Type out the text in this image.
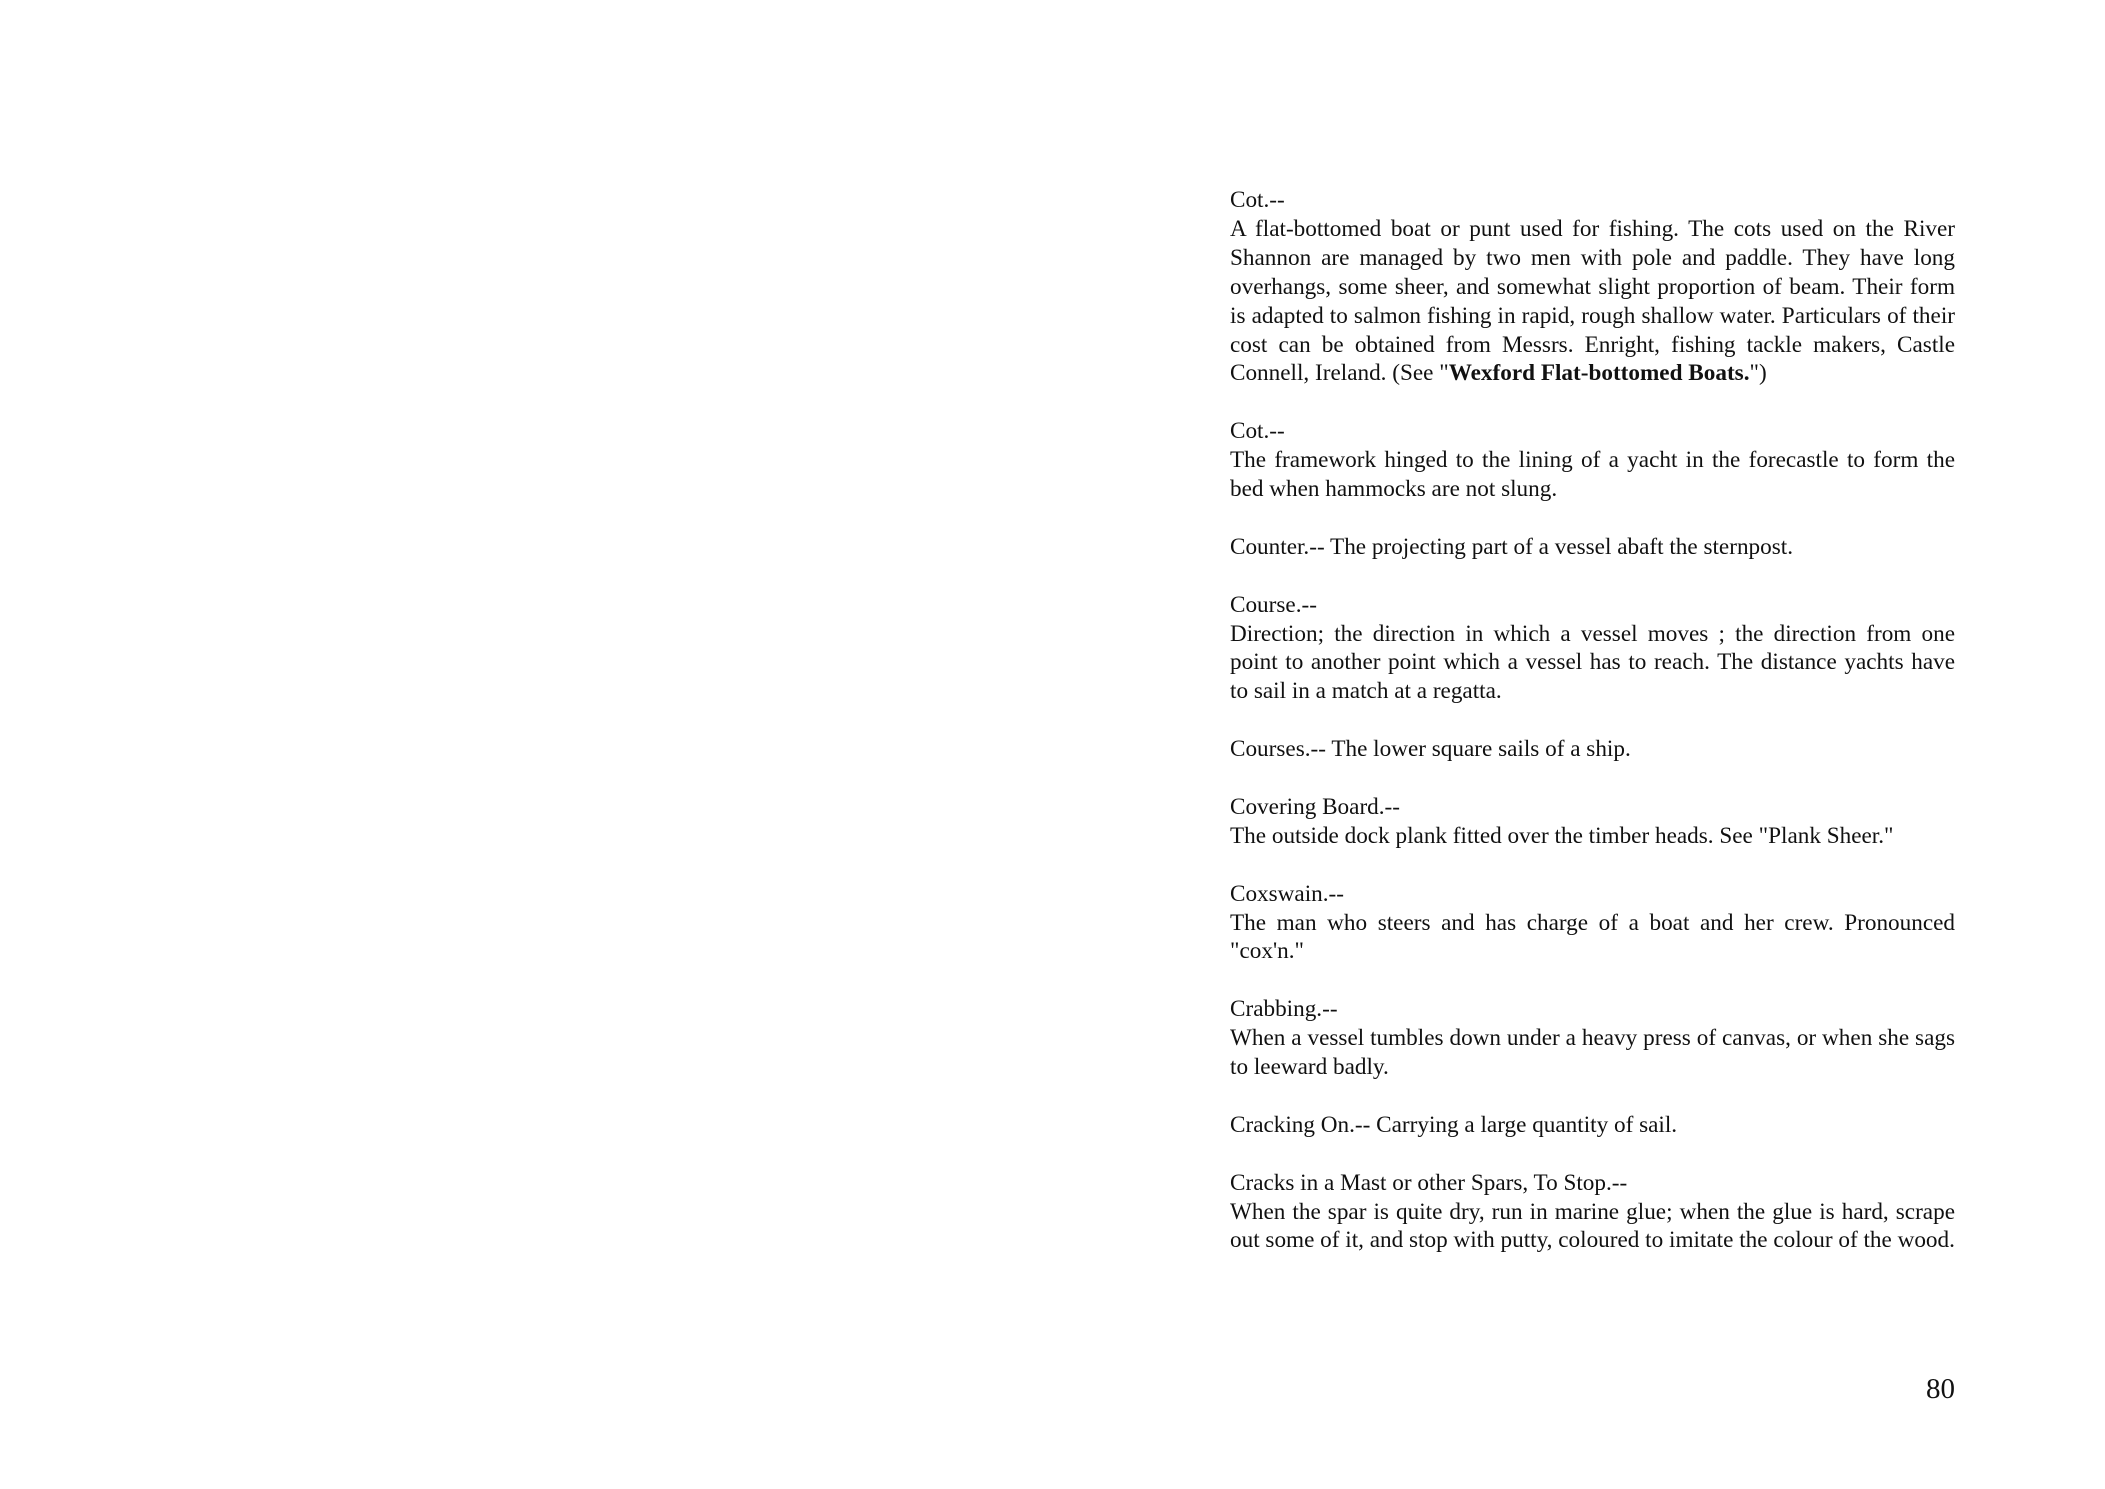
Cot.--
A flat-bottomed boat or punt used for fishing. The cots used on the River Shannon are managed by two men with pole and paddle. They have long overhangs, some sheer, and somewhat slight proportion of beam. Their form is adapted to salmon fishing in rapid, rough shallow water. Particulars of their cost can be obtained from Messrs. Enright, fishing tackle makers, Castle Connell, Ireland. (See "Wexford Flat-bottomed Boats.")
Cot.--
The framework hinged to the lining of a yacht in the forecastle to form the bed when hammocks are not slung.
Counter.-- The projecting part of a vessel abaft the sternpost.
Course.--
Direction; the direction in which a vessel moves ; the direction from one point to another point which a vessel has to reach. The distance yachts have to sail in a match at a regatta.
Courses.-- The lower square sails of a ship.
Covering Board.--
The outside dock plank fitted over the timber heads. See "Plank Sheer."
Coxswain.--
The man who steers and has charge of a boat and her crew. Pronounced "cox'n."
Crabbing.--
When a vessel tumbles down under a heavy press of canvas, or when she sags to leeward badly.
Cracking On.-- Carrying a large quantity of sail.
Cracks in a Mast or other Spars, To Stop.--
When the spar is quite dry, run in marine glue; when the glue is hard, scrape out some of it, and stop with putty, coloured to imitate the colour of the wood.
80
